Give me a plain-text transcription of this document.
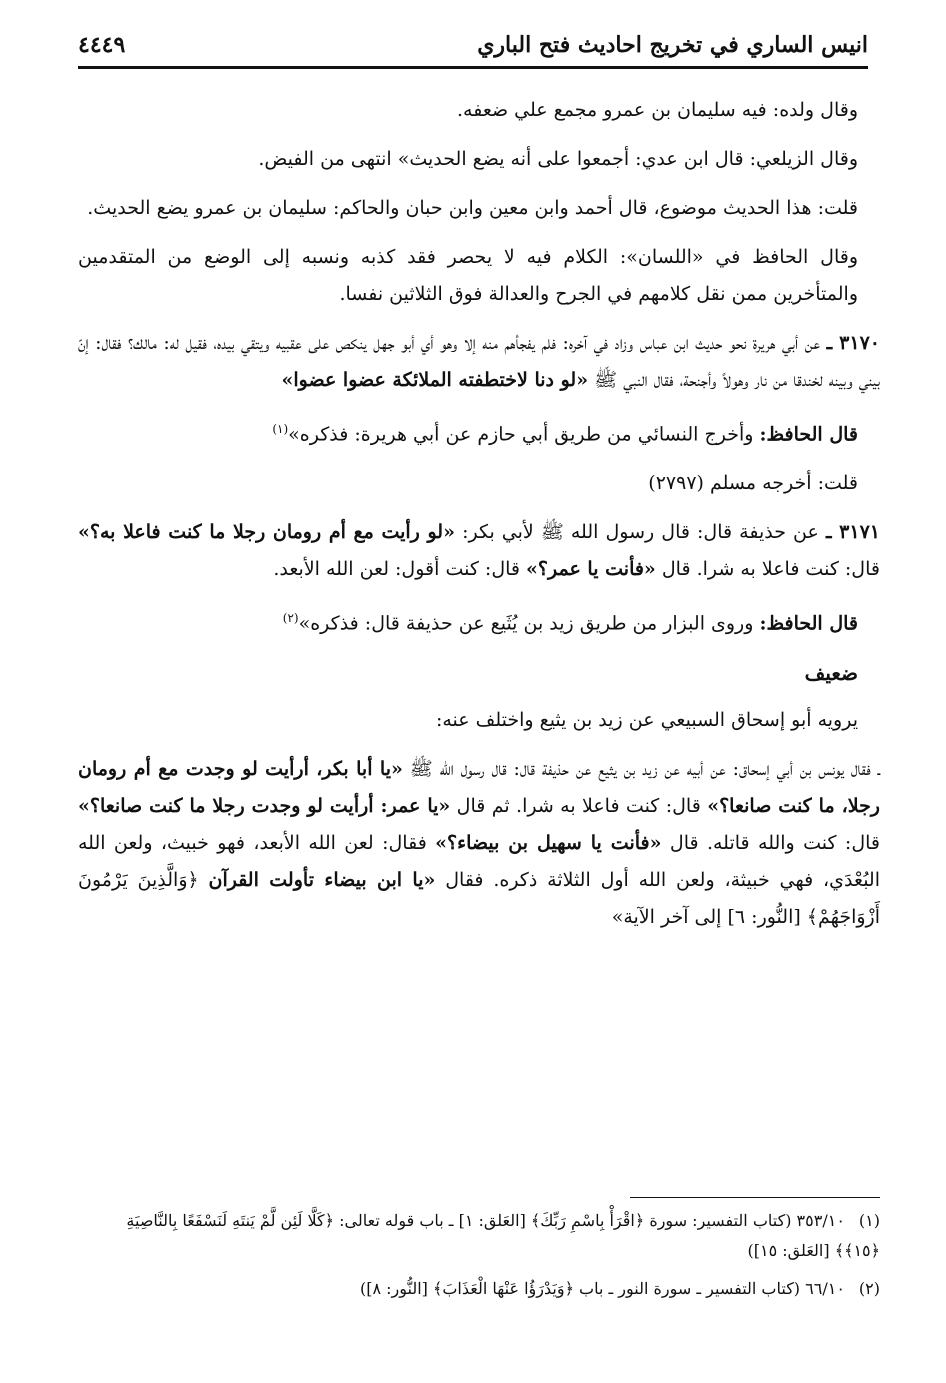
انيس الساري في تخريج احاديث فتح الباري
٤٤٤٩

وقال ولده: فيه سليمان بن عمرو مجمع علي ضعفه.

وقال الزيلعي: قال ابن عدي: أجمعوا على أنه يضع الحديث» انتهى من الفيض.

قلت: هذا الحديث موضوع، قال أحمد وابن معين وابن حبان والحاكم: سليمان بن عمرو يضع الحديث.

وقال الحافظ في «اللسان»: الكلام فيه لا يحصر فقد كذبه ونسبه إلى الوضع من المتقدمين والمتأخرين ممن نقل كلامهم في الجرح والعدالة فوق الثلاثين نفسا.

٣١٧٠ ـ عن أبي هريرة نحو حديث ابن عباس وزاد في آخره: فلم يفجأهم منه إلا وهو أي أبو جهل ينكص على عقبيه ويتقي بيده، فقيل له: مالك؟ فقال: إنّ بيني وبينه لخندقا من نار وهولاً وأجنحة، فقال النبي ﷺ «لو دنا لاختطفته الملائكة عضوا عضوا»

قال الحافظ: وأخرج النسائي من طريق أبي حازم عن أبي هريرة: فذكره»$^{(١)}$

قلت: أخرجه مسلم (٢٧٩٧)

٣١٧١ ـ عن حذيفة قال: قال رسول الله ﷺ لأبي بكر: «لو رأيت مع أم رومان رجلا ما كنت فاعلا به؟» قال: كنت فاعلا به شرا. قال «فأنت يا عمر؟» قال: كنت أقول: لعن الله الأبعد.

قال الحافظ: وروى البزار من طريق زيد بن يُثَيع عن حذيفة قال: فذكره»$^{(٢)}$

ضعيف

يرويه أبو إسحاق السبيعي عن زيد بن يثيع واختلف عنه:

ـ فقال يونس بن أبي إسحاق: عن أبيه عن زيد بن يثيع عن حذيفة قال: قال رسول الله ﷺ «يا أبا بكر، أرأيت لو وجدت مع أم رومان رجلا، ما كنت صانعا؟» قال: كنت فاعلا به شرا. ثم قال «يا عمر: أرأيت لو وجدت رجلا ما كنت صانعا؟» قال: كنت والله قاتله. قال «فأنت يا سهيل بن بيضاء؟» فقال: لعن الله الأبعد، فهو خبيث، ولعن الله البُعْدَي، فهي خبيثة، ولعن الله أول الثلاثة ذكره. فقال «يا ابن بيضاء تأولت القرآن ﴿وَالَّذِينَ يَرْمُونَ أَزْوَاجَهُمْ﴾ [النُّور: ٦] إلى آخر الآية»

(١)٣٥٣/١٠ (كتاب التفسير: سورة ﴿اقْرَأْ بِاسْمِ رَبِّكَ﴾ [العَلق: ١] ـ باب قوله تعالى: ﴿كَلَّا لَئِن لَّمْ يَنتَهِ لَنَسْفَعًا بِالنَّاصِيَةِ ﴿١٥﴾﴾ [العَلق: ١٥])

(٢)٦٦/١٠ (كتاب التفسير ـ سورة النور ـ باب ﴿وَيَدْرَؤُا عَنْهَا الْعَذَابَ﴾ [النُّور: ٨])
